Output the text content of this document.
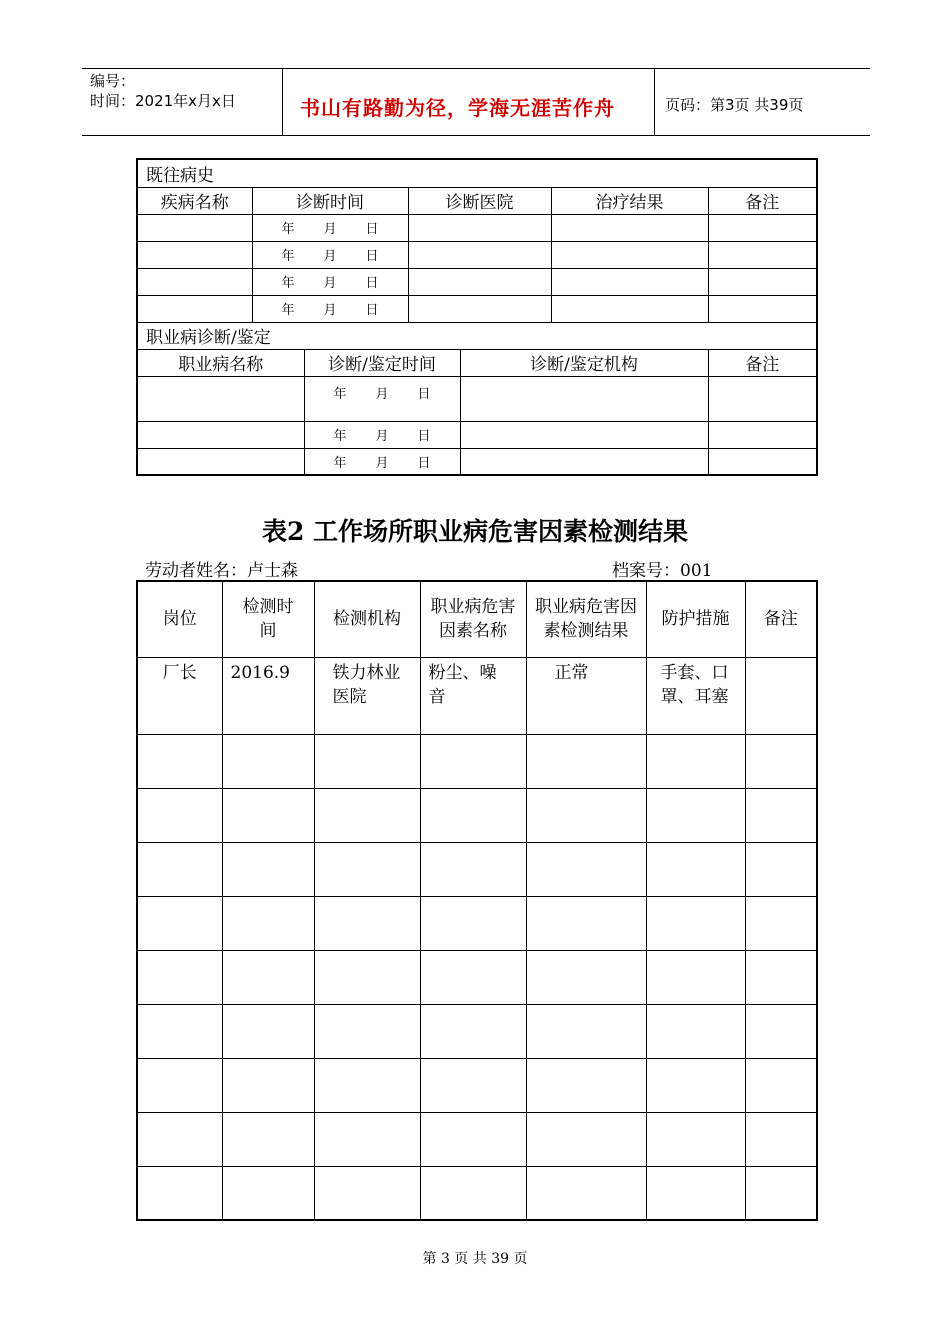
编号：
时间：2021年x月x日	书山有路勤为径，学海无涯苦作舟	页码：第3页 共39页
既往病史						
疾病名称	诊断时间		诊断医院		治疗结果	备注
	年 月 日					
	年 月 日					
	年 月 日					
	年 月 日					
职业病诊断/鉴定						
职业病名称		诊断/鉴定时间		诊断/鉴定机构		备注
		年 月 日				
		年 月 日				
		年 月 日				
表2 工作场所职业病危害因素检测结果
劳动者姓名：卢士森	档案号：001
岗位	检测时间	检测机构	职业病危害因素名称	职业病危害因素检测结果	防护措施	备注
厂长	2016.9	铁力林业医院	粉尘、噪音	正常	手套、口罩、耳塞	

第 3 页 共 39 页
